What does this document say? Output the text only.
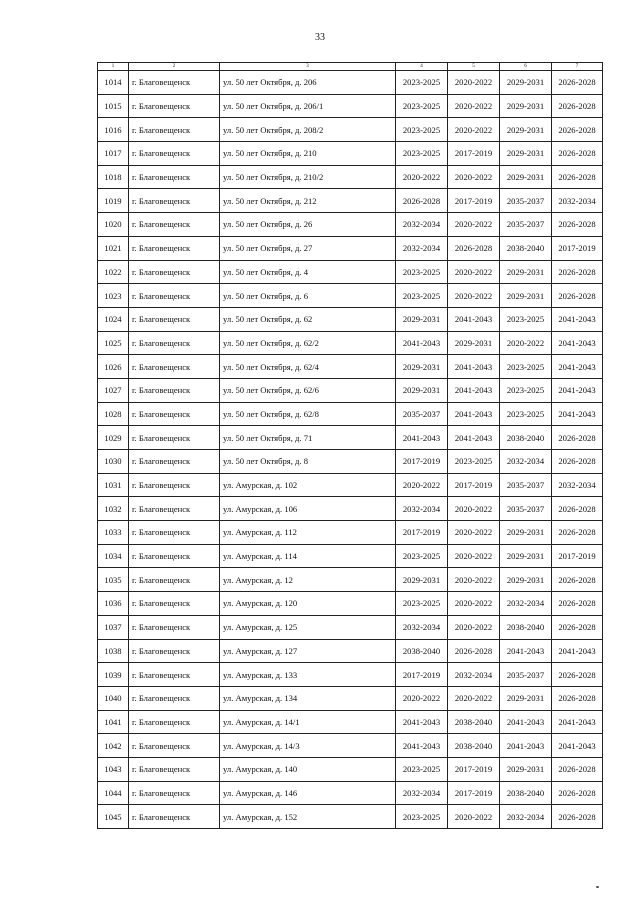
33
1	2	3	4	5	6	7
1014	г. Благовещенск	ул. 50 лет Октября, д. 206	2023-2025	2020-2022	2029-2031	2026-2028
1015	г. Благовещенск	ул. 50 лет Октября, д. 206/1	2023-2025	2020-2022	2029-2031	2026-2028
1016	г. Благовещенск	ул. 50 лет Октября, д. 208/2	2023-2025	2020-2022	2029-2031	2026-2028
1017	г. Благовещенск	ул. 50 лет Октября, д. 210	2023-2025	2017-2019	2029-2031	2026-2028
1018	г. Благовещенск	ул. 50 лет Октября, д. 210/2	2020-2022	2020-2022	2029-2031	2026-2028
1019	г. Благовещенск	ул. 50 лет Октября, д. 212	2026-2028	2017-2019	2035-2037	2032-2034
1020	г. Благовещенск	ул. 50 лет Октября, д. 26	2032-2034	2020-2022	2035-2037	2026-2028
1021	г. Благовещенск	ул. 50 лет Октября, д. 27	2032-2034	2026-2028	2038-2040	2017-2019
1022	г. Благовещенск	ул. 50 лет Октября, д. 4	2023-2025	2020-2022	2029-2031	2026-2028
1023	г. Благовещенск	ул. 50 лет Октября, д. 6	2023-2025	2020-2022	2029-2031	2026-2028
1024	г. Благовещенск	ул. 50 лет Октября, д. 62	2029-2031	2041-2043	2023-2025	2041-2043
1025	г. Благовещенск	ул. 50 лет Октября, д. 62/2	2041-2043	2029-2031	2020-2022	2041-2043
1026	г. Благовещенск	ул. 50 лет Октября, д. 62/4	2029-2031	2041-2043	2023-2025	2041-2043
1027	г. Благовещенск	ул. 50 лет Октября, д. 62/6	2029-2031	2041-2043	2023-2025	2041-2043
1028	г. Благовещенск	ул. 50 лет Октября, д. 62/8	2035-2037	2041-2043	2023-2025	2041-2043
1029	г. Благовещенск	ул. 50 лет Октября, д. 71	2041-2043	2041-2043	2038-2040	2026-2028
1030	г. Благовещенск	ул. 50 лет Октября, д. 8	2017-2019	2023-2025	2032-2034	2026-2028
1031	г. Благовещенск	ул. Амурская, д. 102	2020-2022	2017-2019	2035-2037	2032-2034
1032	г. Благовещенск	ул. Амурская, д. 106	2032-2034	2020-2022	2035-2037	2026-2028
1033	г. Благовещенск	ул. Амурская, д. 112	2017-2019	2020-2022	2029-2031	2026-2028
1034	г. Благовещенск	ул. Амурская, д. 114	2023-2025	2020-2022	2029-2031	2017-2019
1035	г. Благовещенск	ул. Амурская, д. 12	2029-2031	2020-2022	2029-2031	2026-2028
1036	г. Благовещенск	ул. Амурская, д. 120	2023-2025	2020-2022	2032-2034	2026-2028
1037	г. Благовещенск	ул. Амурская, д. 125	2032-2034	2020-2022	2038-2040	2026-2028
1038	г. Благовещенск	ул. Амурская, д. 127	2038-2040	2026-2028	2041-2043	2041-2043
1039	г. Благовещенск	ул. Амурская, д. 133	2017-2019	2032-2034	2035-2037	2026-2028
1040	г. Благовещенск	ул. Амурская, д. 134	2020-2022	2020-2022	2029-2031	2026-2028
1041	г. Благовещенск	ул. Амурская, д. 14/1	2041-2043	2038-2040	2041-2043	2041-2043
1042	г. Благовещенск	ул. Амурская, д. 14/3	2041-2043	2038-2040	2041-2043	2041-2043
1043	г. Благовещенск	ул. Амурская, д. 140	2023-2025	2017-2019	2029-2031	2026-2028
1044	г. Благовещенск	ул. Амурская, д. 146	2032-2034	2017-2019	2038-2040	2026-2028
1045	г. Благовещенск	ул. Амурская, д. 152	2023-2025	2020-2022	2032-2034	2026-2028
